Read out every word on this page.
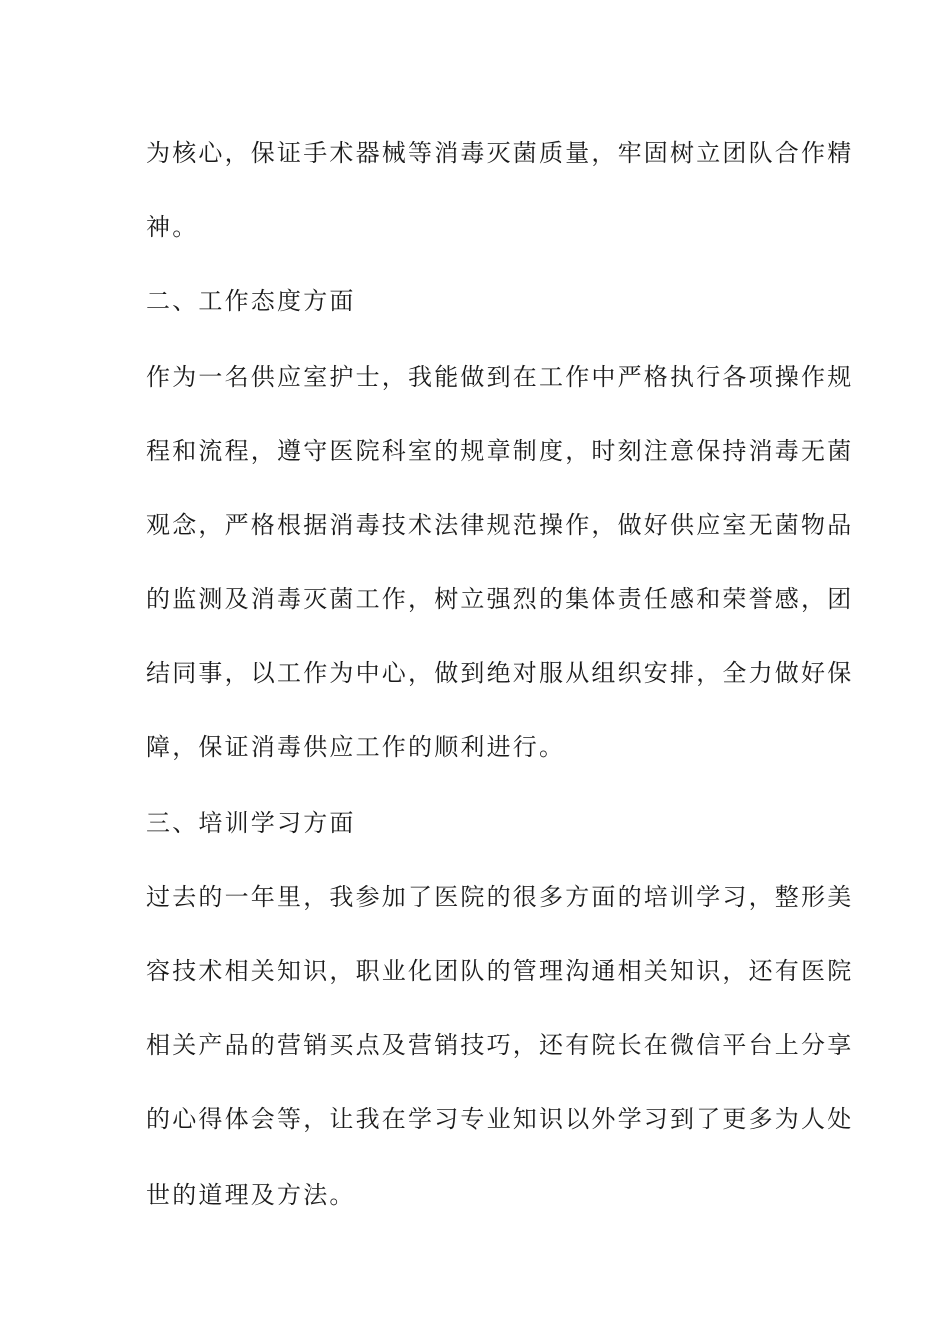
为核心，保证手术器械等消毒灭菌质量，牢固树立团队合作精
神。
二、工作态度方面
作为一名供应室护士，我能做到在工作中严格执行各项操作规
程和流程，遵守医院科室的规章制度，时刻注意保持消毒无菌
观念，严格根据消毒技术法律规范操作，做好供应室无菌物品
的监测及消毒灭菌工作，树立强烈的集体责任感和荣誉感，团
结同事，以工作为中心，做到绝对服从组织安排，全力做好保
障，保证消毒供应工作的顺利进行。
三、培训学习方面
过去的一年里，我参加了医院的很多方面的培训学习，整形美
容技术相关知识，职业化团队的管理沟通相关知识，还有医院
相关产品的营销买点及营销技巧，还有院长在微信平台上分享
的心得体会等，让我在学习专业知识以外学习到了更多为人处
世的道理及方法。
